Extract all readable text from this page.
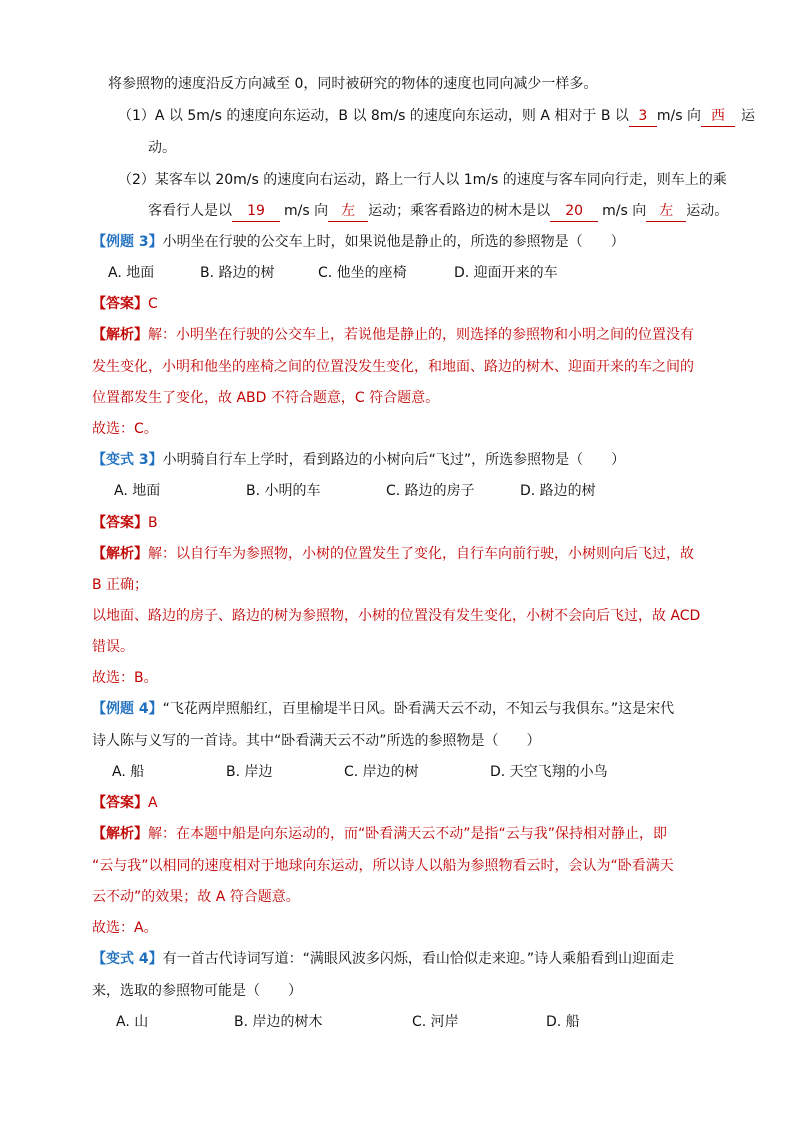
将参照物的速度沿反方向减至 0，同时被研究的物体的速度也同向减少一样多。
（1）A 以 5m/s 的速度向东运动，B 以 8m/s 的速度向东运动，则 A 相对于 B 以 3 m/s 向 西 运
动。
（2）某客车以 20m/s 的速度向右运动，路上一行人以 1m/s 的速度与客车同向行走，则车上的乘
客看行人是以 19 m/s 向 左 运动；乘客看路边的树木是以 20 m/s 向 左 运动。
【例题 3】小明坐在行驶的公交车上时，如果说他是静止的，所选的参照物是（　　）
A. 地面	B. 路边的树	C. 他坐的座椅	D. 迎面开来的车
【答案】C
【解析】解：小明坐在行驶的公交车上，若说他是静止的，则选择的参照物和小明之间的位置没有
发生变化，小明和他坐的座椅之间的位置没发生变化，和地面、路边的树木、迎面开来的车之间的
位置都发生了变化，故 ABD 不符合题意，C 符合题意。
故选：C。
【变式 3】小明骑自行车上学时，看到路边的小树向后“飞过”，所选参照物是（　　）
A. 地面	B. 小明的车	C. 路边的房子	D. 路边的树
【答案】B
【解析】解：以自行车为参照物，小树的位置发生了变化，自行车向前行驶，小树则向后飞过，故
B 正确；
以地面、路边的房子、路边的树为参照物，小树的位置没有发生变化，小树不会向后飞过，故 ACD
错误。
故选：B。
【例题 4】“飞花两岸照船红，百里榆堤半日风。卧看满天云不动，不知云与我俱东。”这是宋代
诗人陈与义写的一首诗。其中“卧看满天云不动”所选的参照物是（　　）
A. 船	B. 岸边	C. 岸边的树	D. 天空飞翔的小鸟
【答案】A
【解析】解：在本题中船是向东运动的，而“卧看满天云不动”是指“云与我”保持相对静止，即
“云与我”以相同的速度相对于地球向东运动，所以诗人以船为参照物看云时，会认为“卧看满天
云不动”的效果；故 A 符合题意。
故选：A。
【变式 4】有一首古代诗词写道：“满眼风波多闪烁，看山恰似走来迎。”诗人乘船看到山迎面走
来，选取的参照物可能是（　　）
A. 山	B. 岸边的树木	C. 河岸	D. 船
